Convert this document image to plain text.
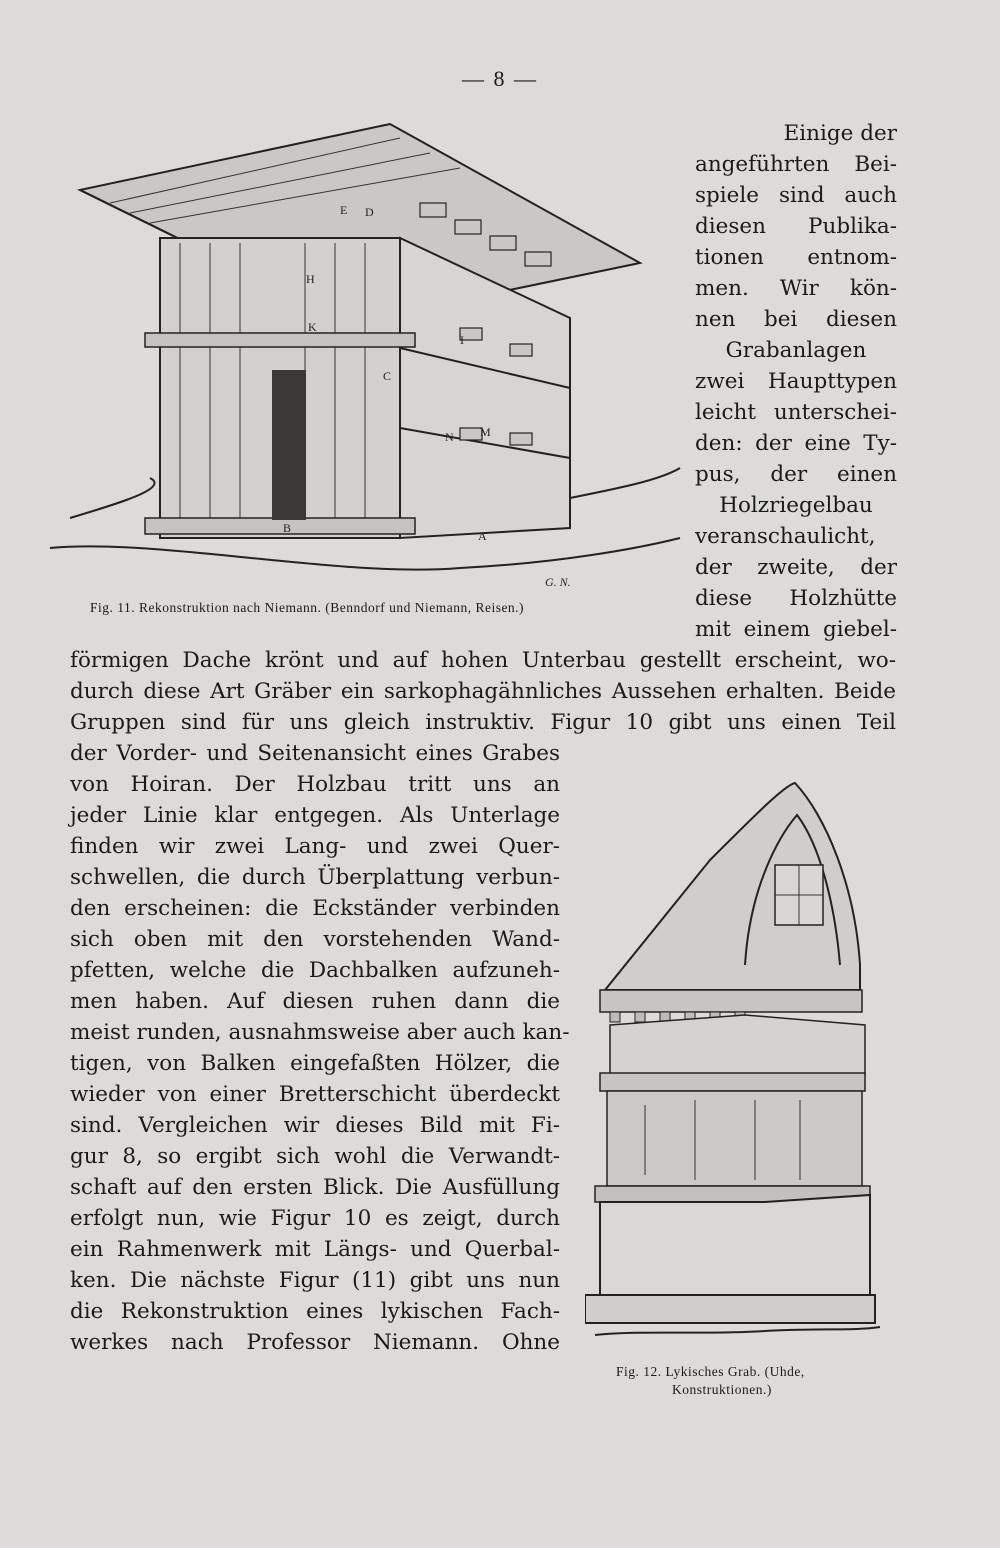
— 8 —
A
B
C
H
I
K
M
N
D
E
G. N.
Fig. 11. Rekonstruktion nach Niemann. (Benndorf und Niemann, Reisen.)
Einige der
angeführten Bei-
spiele sind auch
diesen Publika-
tionen entnom-
men. Wir kön-
nen bei diesen
Grabanlagen
zwei Haupttypen
leicht unterschei-
den: der eine Ty-
pus, der einen
Holzriegelbau
veranschaulicht,
der zweite, der
diese Holzhütte
mit einem giebel-
förmigen Dache krönt und auf hohen Unterbau gestellt erscheint, wo-
durch diese Art Gräber ein sarkophagähnliches Aussehen erhalten. Beide
Gruppen sind für uns gleich instruktiv. Figur 10 gibt uns einen Teil
der Vorder- und Seitenansicht eines Grabes
von Hoiran. Der Holzbau tritt uns an
jeder Linie klar entgegen. Als Unterlage
finden wir zwei Lang- und zwei Quer-
schwellen, die durch Überplattung verbun-
den erscheinen: die Eckständer verbinden
sich oben mit den vorstehenden Wand-
pfetten, welche die Dachbalken aufzuneh-
men haben. Auf diesen ruhen dann die
meist runden, ausnahmsweise aber auch kan-
tigen, von Balken eingefaßten Hölzer, die
wieder von einer Bretterschicht überdeckt
sind. Vergleichen wir dieses Bild mit Fi-
gur 8, so ergibt sich wohl die Verwandt-
schaft auf den ersten Blick. Die Ausfüllung
erfolgt nun, wie Figur 10 es zeigt, durch
ein Rahmenwerk mit Längs- und Querbal-
ken. Die nächste Figur (11) gibt uns nun
die Rekonstruktion eines lykischen Fach-
werkes nach Professor Niemann. Ohne
Fig. 12. Lykisches Grab. (Uhde,
Konstruktionen.)
